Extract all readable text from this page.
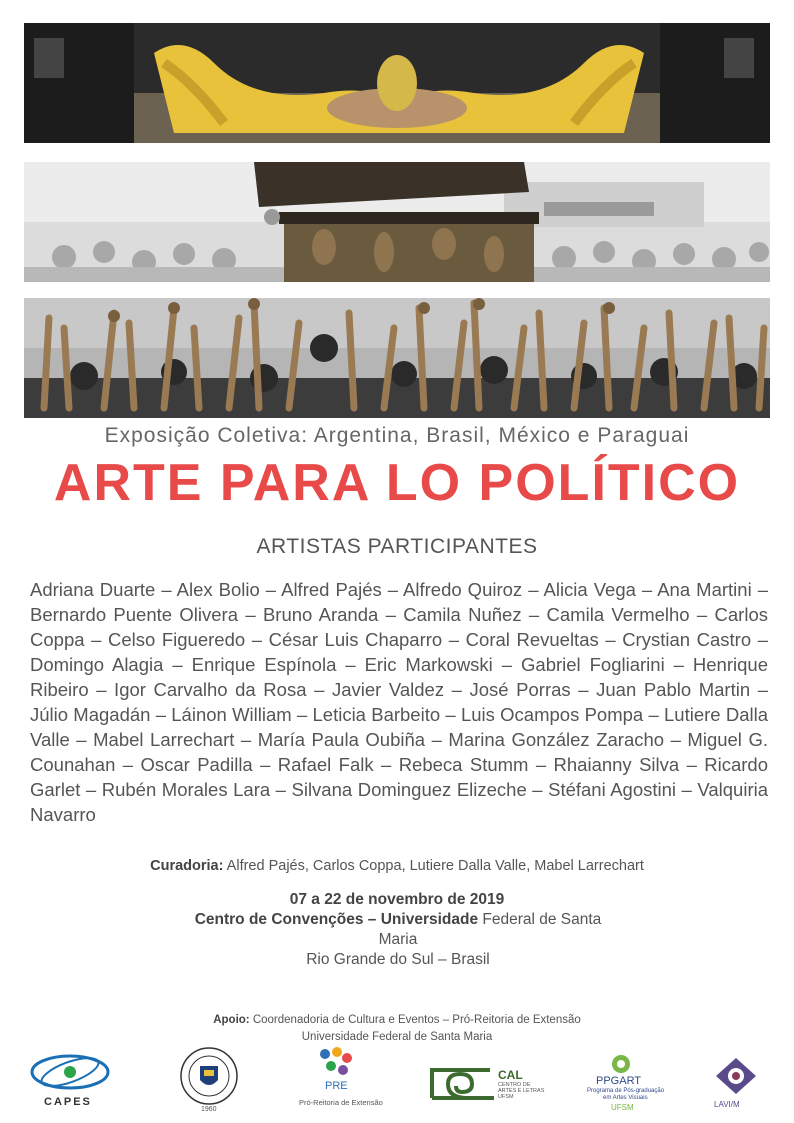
Exposição Coletiva: Argentina, Brasil, México e Paraguai
ARTE PARA LO POLÍTICO
ARTISTAS PARTICIPANTES
Adriana Duarte – Alex Bolio – Alfred Pajés – Alfredo Quiroz – Alicia Vega – Ana Martini – Bernardo Puente Olivera – Bruno Aranda – Camila Nuñez – Camila Vermelho – Carlos Coppa – Celso Figueredo – César Luis Chaparro – Coral Revueltas – Crystian Castro – Domingo Alagia – Enrique Espínola – Eric Markowski – Gabriel Fogliarini – Henrique Ribeiro – Igor Carvalho da Rosa – Javier Valdez – José Porras – Juan Pablo Martin – Júlio Magadán – Láinon William – Leticia Barbeito – Luis Ocampos Pompa – Lutiere Dalla Valle – Mabel Larrechart – María Paula Oubiña – Marina González Zaracho – Miguel G. Counahan – Oscar Padilla – Rafael Falk – Rebeca Stumm – Rhaianny Silva – Ricardo Garlet – Rubén Morales Lara – Silvana Dominguez Elizeche – Stéfani Agostini – Valquiria Navarro
Curadoria: Alfred Pajés, Carlos Coppa, Lutiere Dalla Valle, Mabel Larrechart
07 a 22 de novembro de 2019
Centro de Convenções – Universidade Federal de Santa Maria
Rio Grande do Sul – Brasil
Apoio: Coordenadoria de Cultura e Eventos – Pró-Reitoria de Extensão
Universidade Federal de Santa Maria
CAPES
1960
PRE
Pró-Reitoria de Extensão
CAL
CENTRO DE
ARTES E LETRAS
UFSM
PPGART
Programa de Pós-graduação
em Artes Visuais
UFSM	LAVI/M
